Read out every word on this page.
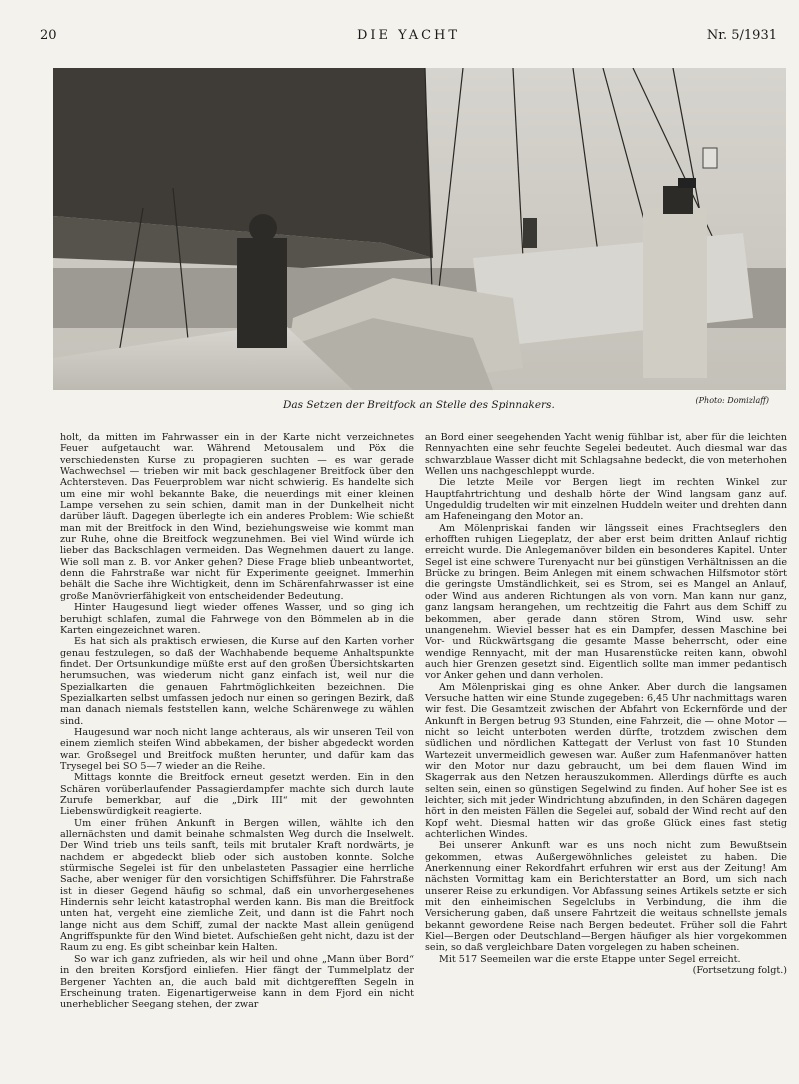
20	DIE YACHT	Nr. 5/1931
Das Setzen der Breitfock an Stelle des Spinnakers.	(Photo: Domizlaff)

holt, da mitten im Fahrwasser ein in der Karte nicht verzeichnetes Feuer aufgetaucht war. Während Metousalem und Pöx die verschiedensten Kurse zu propagieren suchten — es war gerade Wachwechsel — trieben wir mit back geschlagener Breitfock über den Achtersteven. Das Feuerproblem war nicht schwierig. Es handelte sich um eine mir wohl bekannte Bake, die neuerdings mit einer kleinen Lampe versehen zu sein schien, damit man in der Dunkelheit nicht darüber läuft. Dagegen überlegte ich ein anderes Problem: Wie schießt man mit der Breitfock in den Wind, beziehungsweise wie kommt man zur Ruhe, ohne die Breitfock wegzunehmen. Bei viel Wind würde ich lieber das Backschlagen vermeiden. Das Wegnehmen dauert zu lange. Wie soll man z. B. vor Anker gehen? Diese Frage blieb unbeantwortet, denn die Fahrstraße war nicht für Experimente geeignet. Immerhin behält die Sache ihre Wichtigkeit, denn im Schärenfahrwasser ist eine große Manövrierfähigkeit von entscheidender Bedeutung.

Hinter Haugesund liegt wieder offenes Wasser, und so ging ich beruhigt schlafen, zumal die Fahrwege von den Bömmelen ab in die Karten eingezeichnet waren.

Es hat sich als praktisch erwiesen, die Kurse auf den Karten vorher genau festzulegen, so daß der Wachhabende bequeme Anhaltspunkte findet. Der Ortsunkundige müßte erst auf den großen Übersichtskarten herumsuchen, was wiederum nicht ganz einfach ist, weil nur die Spezialkarten die genauen Fahrtmöglichkeiten bezeichnen. Die Spezialkarten selbst umfassen jedoch nur einen so geringen Bezirk, daß man danach niemals feststellen kann, welche Schärenwege zu wählen sind.

Haugesund war noch nicht lange achteraus, als wir unseren Teil von einem ziemlich steifen Wind abbekamen, der bisher abgedeckt worden war. Großsegel und Breitfock mußten herunter, und dafür kam das Trysegel bei SO 5—7 wieder an die Reihe.

Mittags konnte die Breitfock erneut gesetzt werden. Ein in den Schären vorüberlaufender Passagierdampfer machte sich durch laute Zurufe bemerkbar, auf die „Dirk III“ mit der gewohnten Liebenswürdigkeit reagierte.

Um einer frühen Ankunft in Bergen willen, wählte ich den allernächsten und damit beinahe schmalsten Weg durch die Inselwelt. Der Wind trieb uns teils sanft, teils mit brutaler Kraft nordwärts, je nachdem er abgedeckt blieb oder sich austoben konnte. Solche stürmische Segelei ist für den unbelasteten Passagier eine herrliche Sache, aber weniger für den vorsichtigen Schiffsführer. Die Fahrstraße ist in dieser Gegend häufig so schmal, daß ein unvorhergesehenes Hindernis sehr leicht katastrophal werden kann. Bis man die Breitfock unten hat, vergeht eine ziemliche Zeit, und dann ist die Fahrt noch lange nicht aus dem Schiff, zumal der nackte Mast allein genügend Angriffspunkte für den Wind bietet. Aufschießen geht nicht, dazu ist der Raum zu eng. Es gibt scheinbar kein Halten.

So war ich ganz zufrieden, als wir heil und ohne „Mann über Bord“ in den breiten Korsfjord einliefen. Hier fängt der Tummelplatz der Bergener Yachten an, die auch bald mit dichtgerefften Segeln in Erscheinung traten. Eigenartigerweise kann in dem Fjord ein nicht unerheblicher Seegang stehen, der zwar

an Bord einer seegehenden Yacht wenig fühlbar ist, aber für die leichten Rennyachten eine sehr feuchte Segelei bedeutet. Auch diesmal war das schwarzblaue Wasser dicht mit Schlagsahne bedeckt, die von meterhohen Wellen uns nachgeschleppt wurde.

Die letzte Meile vor Bergen liegt im rechten Winkel zur Hauptfahrtrichtung und deshalb hörte der Wind langsam ganz auf. Ungeduldig trudelten wir mit einzelnen Huddeln weiter und drehten dann am Hafeneingang den Motor an.

Am Mölenpriskai fanden wir längsseit eines Frachtseglers den erhofften ruhigen Liegeplatz, der aber erst beim dritten Anlauf richtig erreicht wurde. Die Anlegemanöver bilden ein besonderes Kapitel. Unter Segel ist eine schwere Turenyacht nur bei günstigen Verhältnissen an die Brücke zu bringen. Beim Anlegen mit einem schwachen Hilfsmotor stört die geringste Umständlichkeit, sei es Strom, sei es Mangel an Anlauf, oder Wind aus anderen Richtungen als von vorn. Man kann nur ganz, ganz langsam herangehen, um rechtzeitig die Fahrt aus dem Schiff zu bekommen, aber gerade dann stören Strom, Wind usw. sehr unangenehm. Wieviel besser hat es ein Dampfer, dessen Maschine bei Vor- und Rückwärtsgang die gesamte Masse beherrscht, oder eine wendige Rennyacht, mit der man Husarenstücke reiten kann, obwohl auch hier Grenzen gesetzt sind. Eigentlich sollte man immer pedantisch vor Anker gehen und dann verholen.

Am Mölenpriskai ging es ohne Anker. Aber durch die langsamen Versuche hatten wir eine Stunde zugegeben: 6,45 Uhr nachmittags waren wir fest. Die Gesamtzeit zwischen der Abfahrt von Eckernförde und der Ankunft in Bergen betrug 93 Stunden, eine Fahrzeit, die — ohne Motor — nicht so leicht unterboten werden dürfte, trotzdem zwischen dem südlichen und nördlichen Kattegatt der Verlust von fast 10 Stunden Wartezeit unvermeidlich gewesen war. Außer zum Hafenmanöver hatten wir den Motor nur dazu gebraucht, um bei dem flauen Wind im Skagerrak aus den Netzen herauszukommen. Allerdings dürfte es auch selten sein, einen so günstigen Segelwind zu finden. Auf hoher See ist es leichter, sich mit jeder Windrichtung abzufinden, in den Schären dagegen hört in den meisten Fällen die Segelei auf, sobald der Wind recht auf den Kopf weht. Diesmal hatten wir das große Glück eines fast stetig achterlichen Windes.

Bei unserer Ankunft war es uns noch nicht zum Bewußtsein gekommen, etwas Außergewöhnliches geleistet zu haben. Die Anerkennung einer Rekordfahrt erfuhren wir erst aus der Zeitung! Am nächsten Vormittag kam ein Berichterstatter an Bord, um sich nach unserer Reise zu erkundigen. Vor Abfassung seines Artikels setzte er sich mit den einheimischen Segelclubs in Verbindung, die ihm die Versicherung gaben, daß unsere Fahrtzeit die weitaus schnellste jemals bekannt gewordene Reise nach Bergen bedeutet. Früher soll die Fahrt Kiel—Bergen oder Deutschland—Bergen häufiger als hier vorgekommen sein, so daß vergleichbare Daten vorgelegen zu haben scheinen.

Mit 517 Seemeilen war die erste Etappe unter Segel erreicht.

(Fortsetzung folgt.)
